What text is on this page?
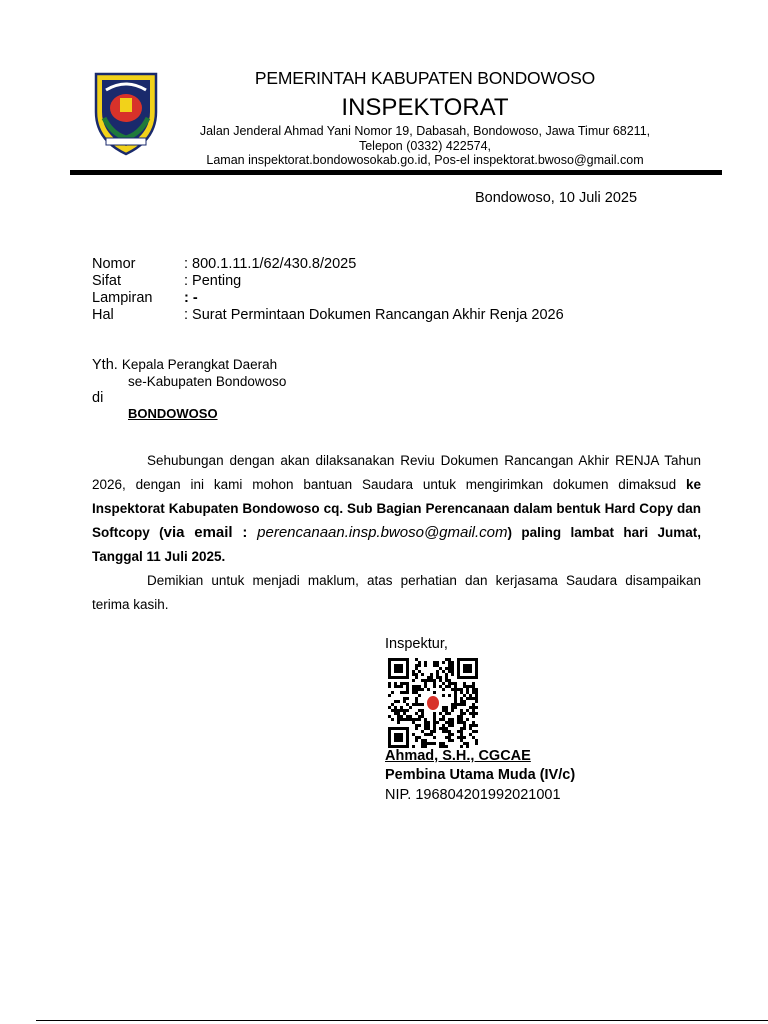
PEMERINTAH KABUPATEN BONDOWOSO
INSPEKTORAT
Jalan Jenderal Ahmad Yani Nomor 19, Dabasah, Bondowoso, Jawa Timur 68211,
Telepon (0332) 422574,
Laman inspektorat.bondowosokab.go.id, Pos-el inspektorat.bwoso@gmail.com
Bondowoso, 10 Juli 2025
Nomor	: 800.1.11.1/62/430.8/2025
Sifat	: Penting
Lampiran : -
Hal	: Surat Permintaan Dokumen Rancangan Akhir Renja 2026
Yth. Kepala Perangkat Daerah
se-Kabupaten Bondowoso
di
BONDOWOSO
Sehubungan dengan akan dilaksanakan Reviu Dokumen Rancangan Akhir RENJA Tahun 2026, dengan ini kami mohon bantuan Saudara untuk mengirimkan dokumen dimaksud ke Inspektorat Kabupaten Bondowoso cq. Sub Bagian Perencanaan dalam bentuk Hard Copy dan Softcopy (via email : perencanaan.insp.bwoso@gmail.com) paling lambat hari Jumat, Tanggal 11 Juli 2025.
Demikian untuk menjadi maklum, atas perhatian dan kerjasama Saudara disampaikan terima kasih.
Inspektur,
Ahmad, S.H., CGCAE
Pembina Utama Muda (IV/c)
NIP. 196804201992021001
